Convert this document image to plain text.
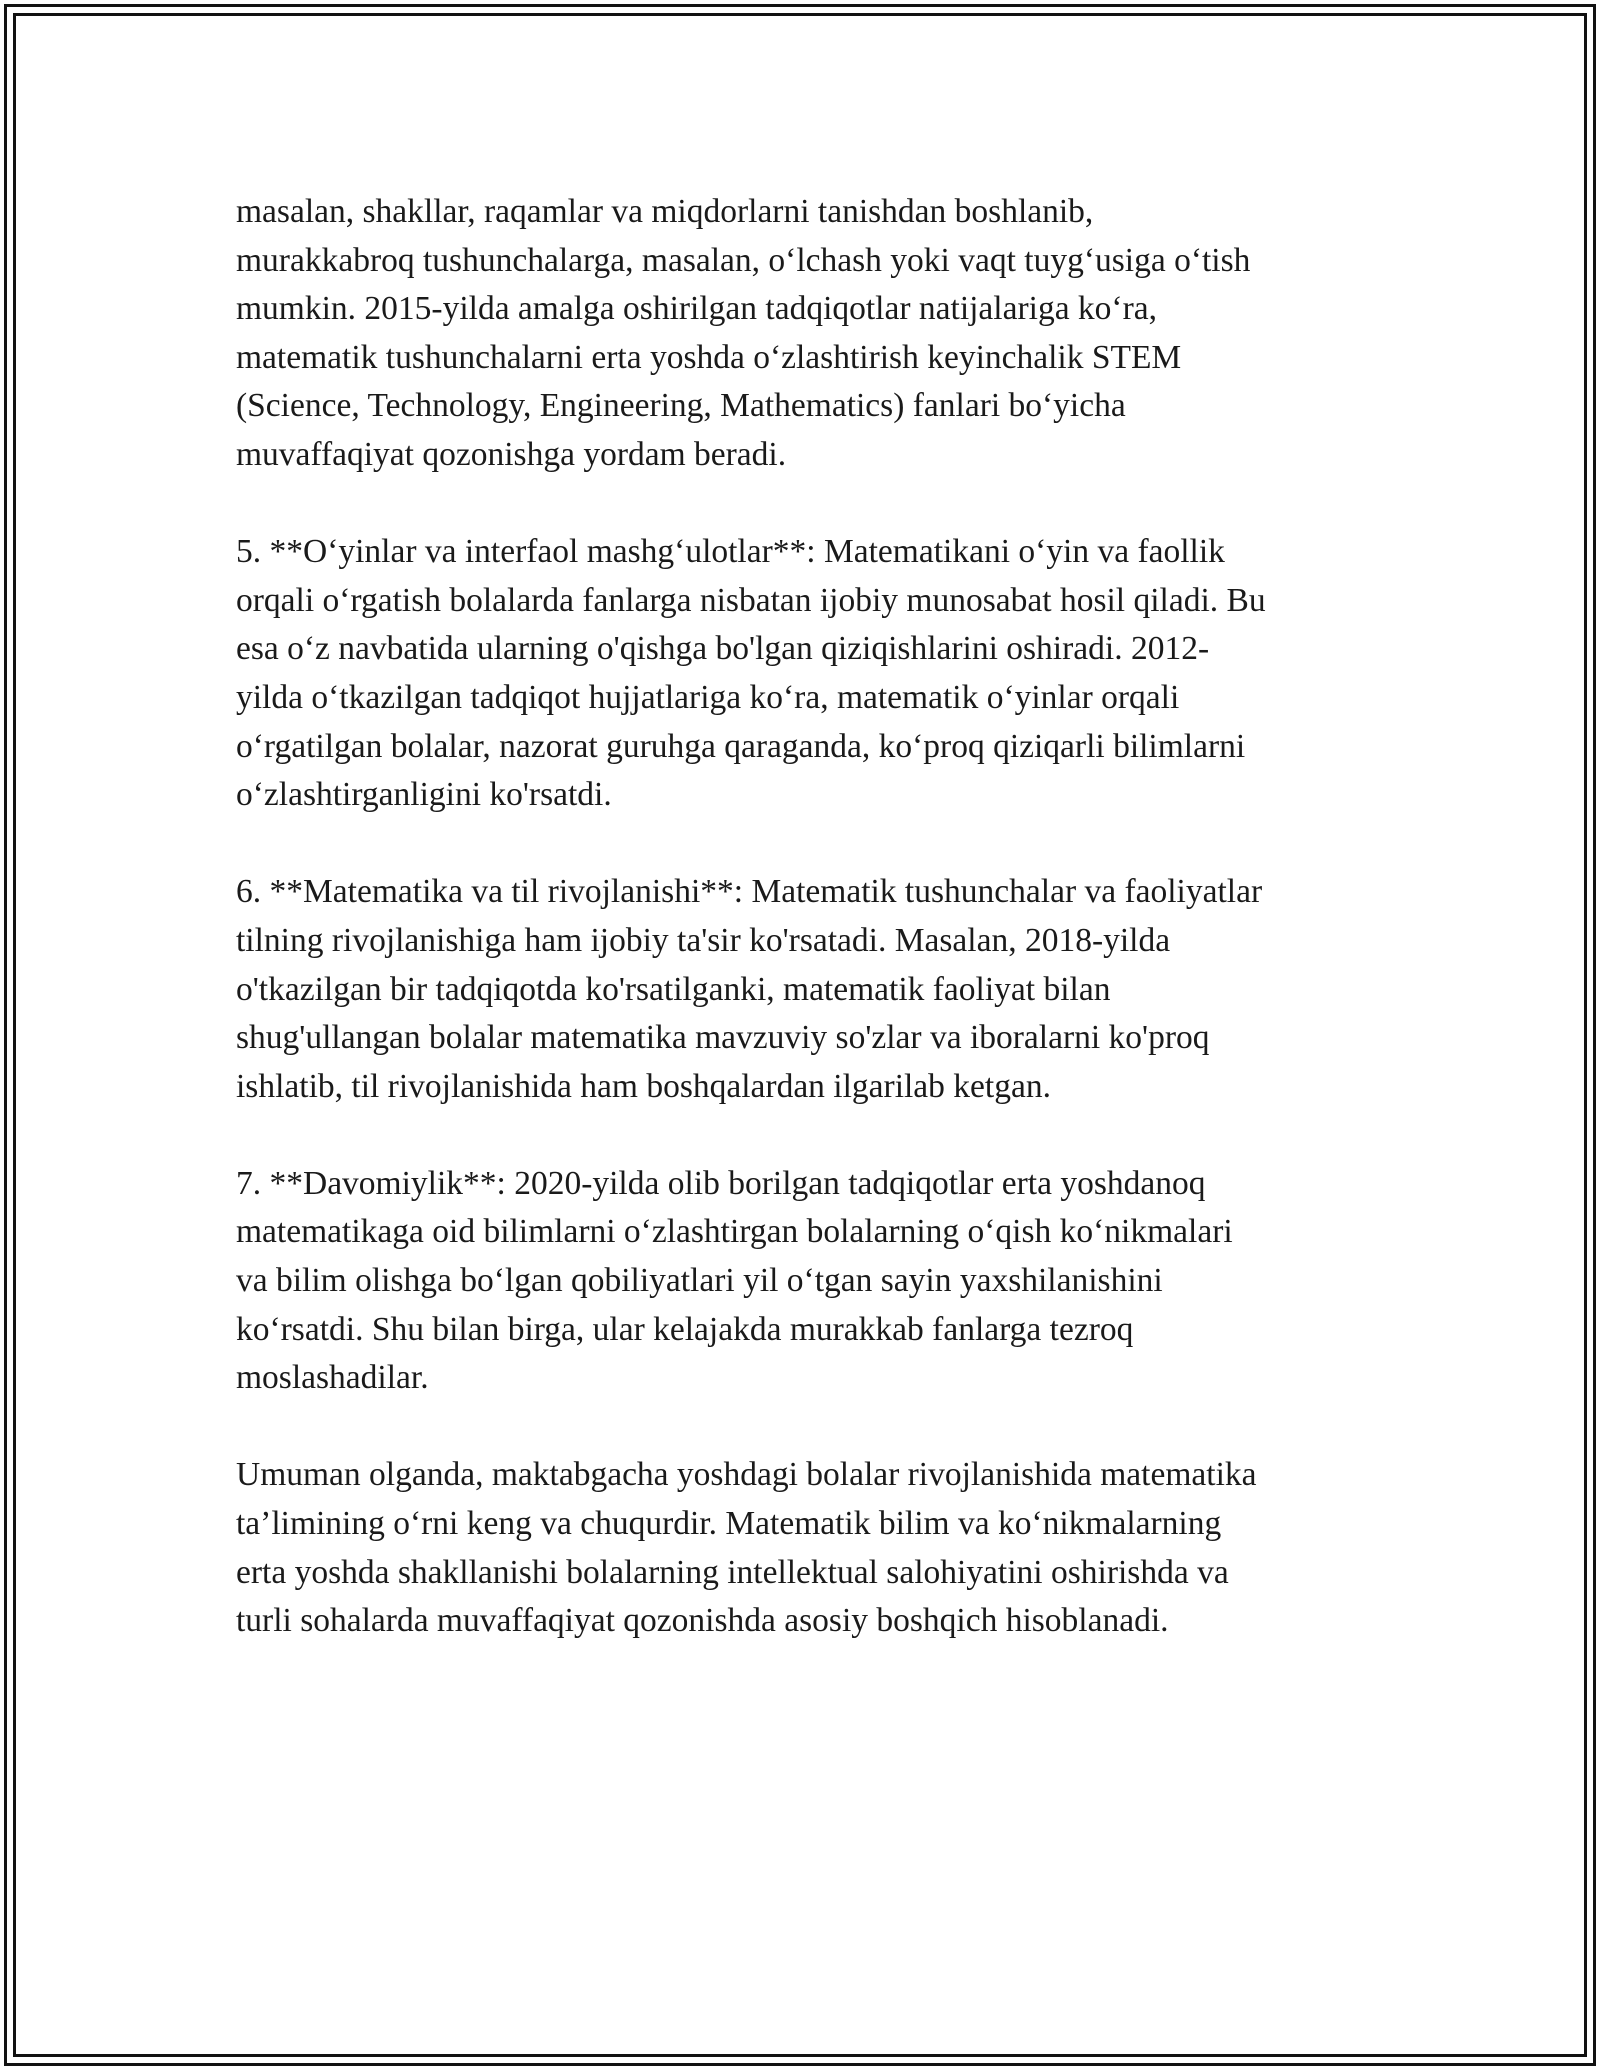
masalan, shakllar, raqamlar va miqdorlarni tanishdan boshlanib,
murakkabroq tushunchalarga, masalan, o‘lchash yoki vaqt tuyg‘usiga o‘tish
mumkin. 2015-yilda amalga oshirilgan tadqiqotlar natijalariga ko‘ra,
matematik tushunchalarni erta yoshda o‘zlashtirish keyinchalik STEM
(Science, Technology, Engineering, Mathematics) fanlari bo‘yicha
muvaffaqiyat qozonishga yordam beradi.

5. **O‘yinlar va interfaol mashg‘ulotlar**: Matematikani o‘yin va faollik
orqali o‘rgatish bolalarda fanlarga nisbatan ijobiy munosabat hosil qiladi. Bu
esa o‘z navbatida ularning o'qishga bo'lgan qiziqishlarini oshiradi. 2012-
yilda o‘tkazilgan tadqiqot hujjatlariga ko‘ra, matematik o‘yinlar orqali
o‘rgatilgan bolalar, nazorat guruhga qaraganda, ko‘proq qiziqarli bilimlarni
o‘zlashtirganligini ko'rsatdi.

6. **Matematika va til rivojlanishi**: Matematik tushunchalar va faoliyatlar
tilning rivojlanishiga ham ijobiy ta'sir ko'rsatadi. Masalan, 2018-yilda
o'tkazilgan bir tadqiqotda ko'rsatilganki, matematik faoliyat bilan
shug'ullangan bolalar matematika mavzuviy so'zlar va iboralarni ko'proq
ishlatib, til rivojlanishida ham boshqalardan ilgarilab ketgan.

7. **Davomiylik**: 2020-yilda olib borilgan tadqiqotlar erta yoshdanoq
matematikaga oid bilimlarni o‘zlashtirgan bolalarning o‘qish ko‘nikmalari
va bilim olishga bo‘lgan qobiliyatlari yil o‘tgan sayin yaxshilanishini
ko‘rsatdi. Shu bilan birga, ular kelajakda murakkab fanlarga tezroq
moslashadilar.

Umuman olganda, maktabgacha yoshdagi bolalar rivojlanishida matematika
ta’limining o‘rni keng va chuqurdir. Matematik bilim va ko‘nikmalarning
erta yoshda shakllanishi bolalarning intellektual salohiyatini oshirishda va
turli sohalarda muvaffaqiyat qozonishda asosiy boshqich hisoblanadi.
